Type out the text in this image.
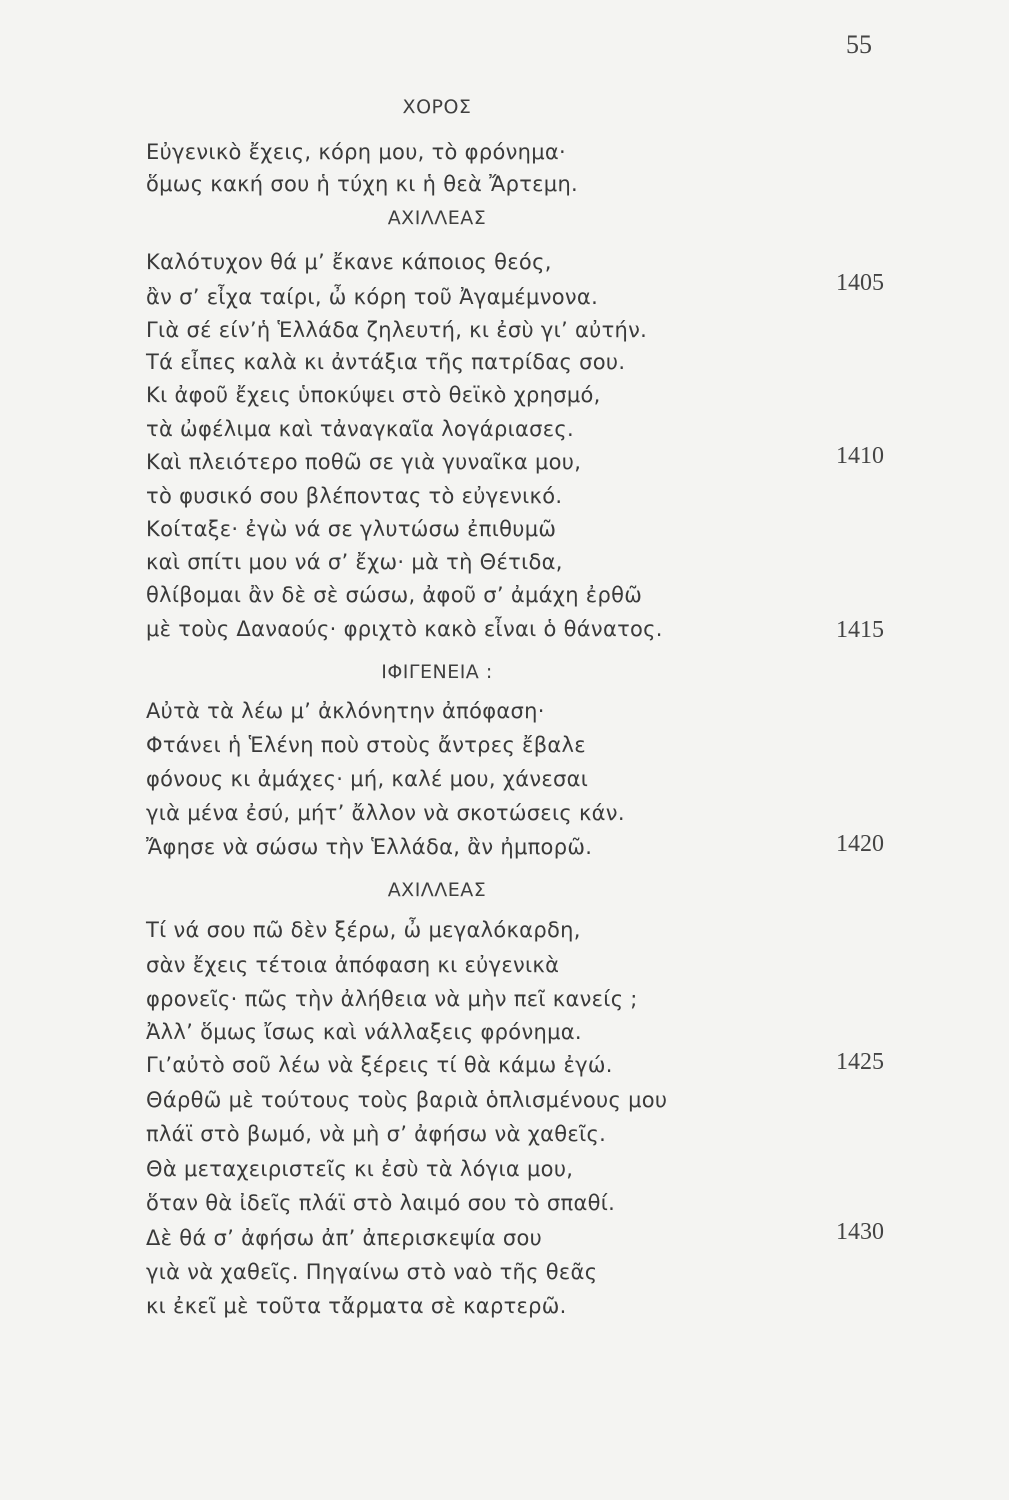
55
ΧΟΡΟΣ
Εὐγενικὸ ἔχεις, κόρη μου, τὸ φρόνημα·
ὅμως κακή σου ἡ τύχη κι ἡ θεὰ Ἄρτεμη.
ΑΧΙΛΛΕΑΣ
Καλότυχον θά μ’ ἔκανε κάποιος θεός,
ἂν σ’ εἶχα ταίρι, ὦ κόρη τοῦ Ἀγαμέμνονα.
Γιὰ σέ είν’ἡ Ἑλλάδα ζηλευτή, κι ἐσὺ γι’ αὐτήν.
Τά εἶπες καλὰ κι ἀντάξια τῆς πατρίδας σου.
Κι ἀφοῦ ἔχεις ὑποκύψει στὸ θεϊκὸ χρησμό,
τὰ ὠφέλιμα καὶ τἀναγκαῖα λογάριασες.
Καὶ πλειότερο ποθῶ σε γιὰ γυναῖκα μου,
τὸ φυσικό σου βλέποντας τὸ εὐγενικό.
Κοίταξε· ἐγὼ νά σε γλυτώσω ἐπιθυμῶ
καὶ σπίτι μου νά σ’ ἔχω· μὰ τὴ Θέτιδα,
θλίβομαι ἂν δὲ σὲ σώσω, ἀφοῦ σ’ ἀμάχη ἐρθῶ
μὲ τοὺς Δαναούς· φριχτὸ κακὸ εἶναι ὁ θάνατος.
ΙΦΙΓΕΝΕΙΑ :
Αὐτὰ τὰ λέω μ’ ἀκλόνητην ἀπόφαση·
Φτάνει ἡ Ἑλένη ποὺ στοὺς ἄντρες ἔβαλε
φόνους κι ἀμάχες· μή, καλέ μου, χάνεσαι
γιὰ μένα ἐσύ, μήτ’ ἄλλον νὰ σκοτώσεις κάν.
Ἄφησε νὰ σώσω τὴν Ἑλλάδα, ἂν ἠμπορῶ.
ΑΧΙΛΛΕΑΣ
Τί νά σου πῶ δὲν ξέρω, ὦ μεγαλόκαρδη,
σὰν ἔχεις τέτοια ἀπόφαση κι εὐγενικὰ
φρονεῖς· πῶς τὴν ἀλήθεια νὰ μὴν πεῖ κανείς ;
Ἀλλ’ ὅμως ἴσως καὶ νάλλαξεις φρόνημα.
Γι’αὐτὸ σοῦ λέω νὰ ξέρεις τί θὰ κάμω ἐγώ.
Θάρθῶ μὲ τούτους τοὺς βαριὰ ὁπλισμένους μου
πλάϊ στὸ βωμό, νὰ μὴ σ’ ἀφήσω νὰ χαθεῖς.
Θὰ μεταχειριστεῖς κι ἐσὺ τὰ λόγια μου,
ὅταν θὰ ἰδεῖς πλάϊ στὸ λαιμό σου τὸ σπαθί.
Δὲ θά σ’ ἀφήσω ἀπ’ ἀπερισκεψία σου
γιὰ νὰ χαθεῖς. Πηγαίνω στὸ ναὸ τῆς θεᾶς
κι ἐκεῖ μὲ τοῦτα τἄρματα σὲ καρτερῶ.
1405
1410
1415
1420
1425
1430
